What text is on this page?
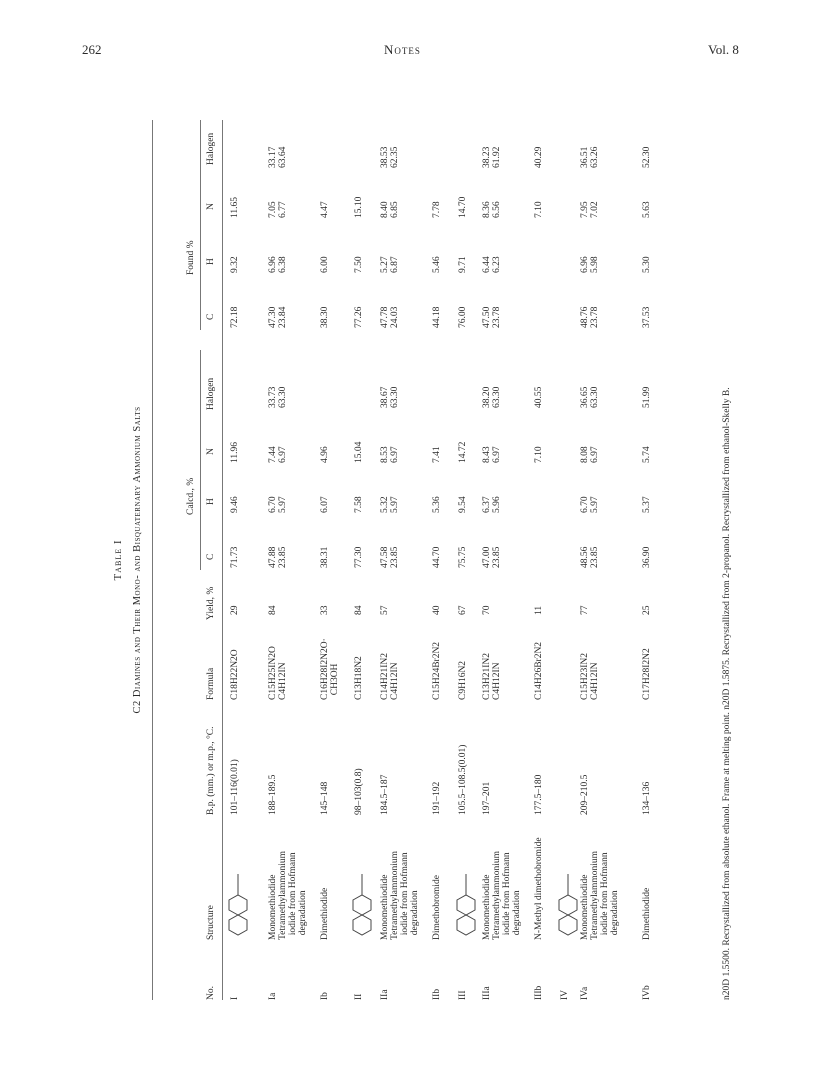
262	Notes	Vol. 8
Table I C2 Diamines and Their Mono- and Bisquaternary Ammonium Salts
No.
Structure
B.p. (mm.) or m.p., °C.
Formula
Yield, %
Calcd., %
Found %
C
H
N
Halogen
C
H
N
Halogen
I
101–116(0.01)
C18H22N2O
29
71.73
9.46
11.96
72.18
9.32
11.65
Ia
Monomethiodide
Tetramethylammonium
iodide from Hofmann
degradation
188–189.5
C15H25IN2O
C4H12IN
84
47.88
23.85
6.70
5.97
7.44
6.97
33.73
63.30
47.30
23.84
6.96
6.38
7.05
6.77
33.17
63.64
Ib
Dimethiodide
145–148
C16H28I2N2O·
CH3OH
33
38.31
6.07
4.96
38.30
6.00
4.47
II
98–103(0.8)
C13H18N2
84
77.30
7.58
15.04
77.26
7.50
15.10
IIa
Monomethiodide
Tetramethylammonium
iodide from Hofmann
degradation
184.5–187
C14H21IN2
C4H12IN
57
47.58
23.85
5.32
5.97
8.53
6.97
38.67
63.30
47.78
24.03
5.27
6.87
8.40
6.85
38.53
62.35
IIb
Dimethobromide
191–192
C15H24Br2N2
40
44.70
5.36
7.41
44.18
5.46
7.78
III
105.5–108.5(0.01)
C9H16N2
67
75.75
9.54
14.72
76.00
9.71
14.70
IIIa
Monomethiodide
Tetramethylammonium
iodide from Hofmann
degradation
197–201
C13H21IN2
C4H12IN
70
47.00
23.85
6.37
5.96
8.43
6.97
38.20
63.30
47.50
23.78
6.44
6.23
8.36
6.56
38.23
61.92
IIIb
N-Methyl dimethobromide
177.5–180
C14H26Br2N2
11
7.10
40.55
7.10
40.29
IV IVa
Monomethiodide
Tetramethylammonium
iodide from Hofmann
degradation
209–210.5
C15H23IN2
C4H12IN
77
48.56
23.85
6.70
5.97
8.08
6.97
36.65
63.30
48.76
23.78
6.96
5.98
7.95
7.02
36.51
63.26
IVb
Dimethiodide
134–136
C17H28I2N2
25
36.90
5.37
5.74
51.99
37.53
5.30
5.63
52.30
n20D 1.5500. Recrystallized from absolute ethanol. Frame at melting point. n20D 1.5875. Recrystallized from 2-propanol. Recrystallized from ethanol-Skelly B.
